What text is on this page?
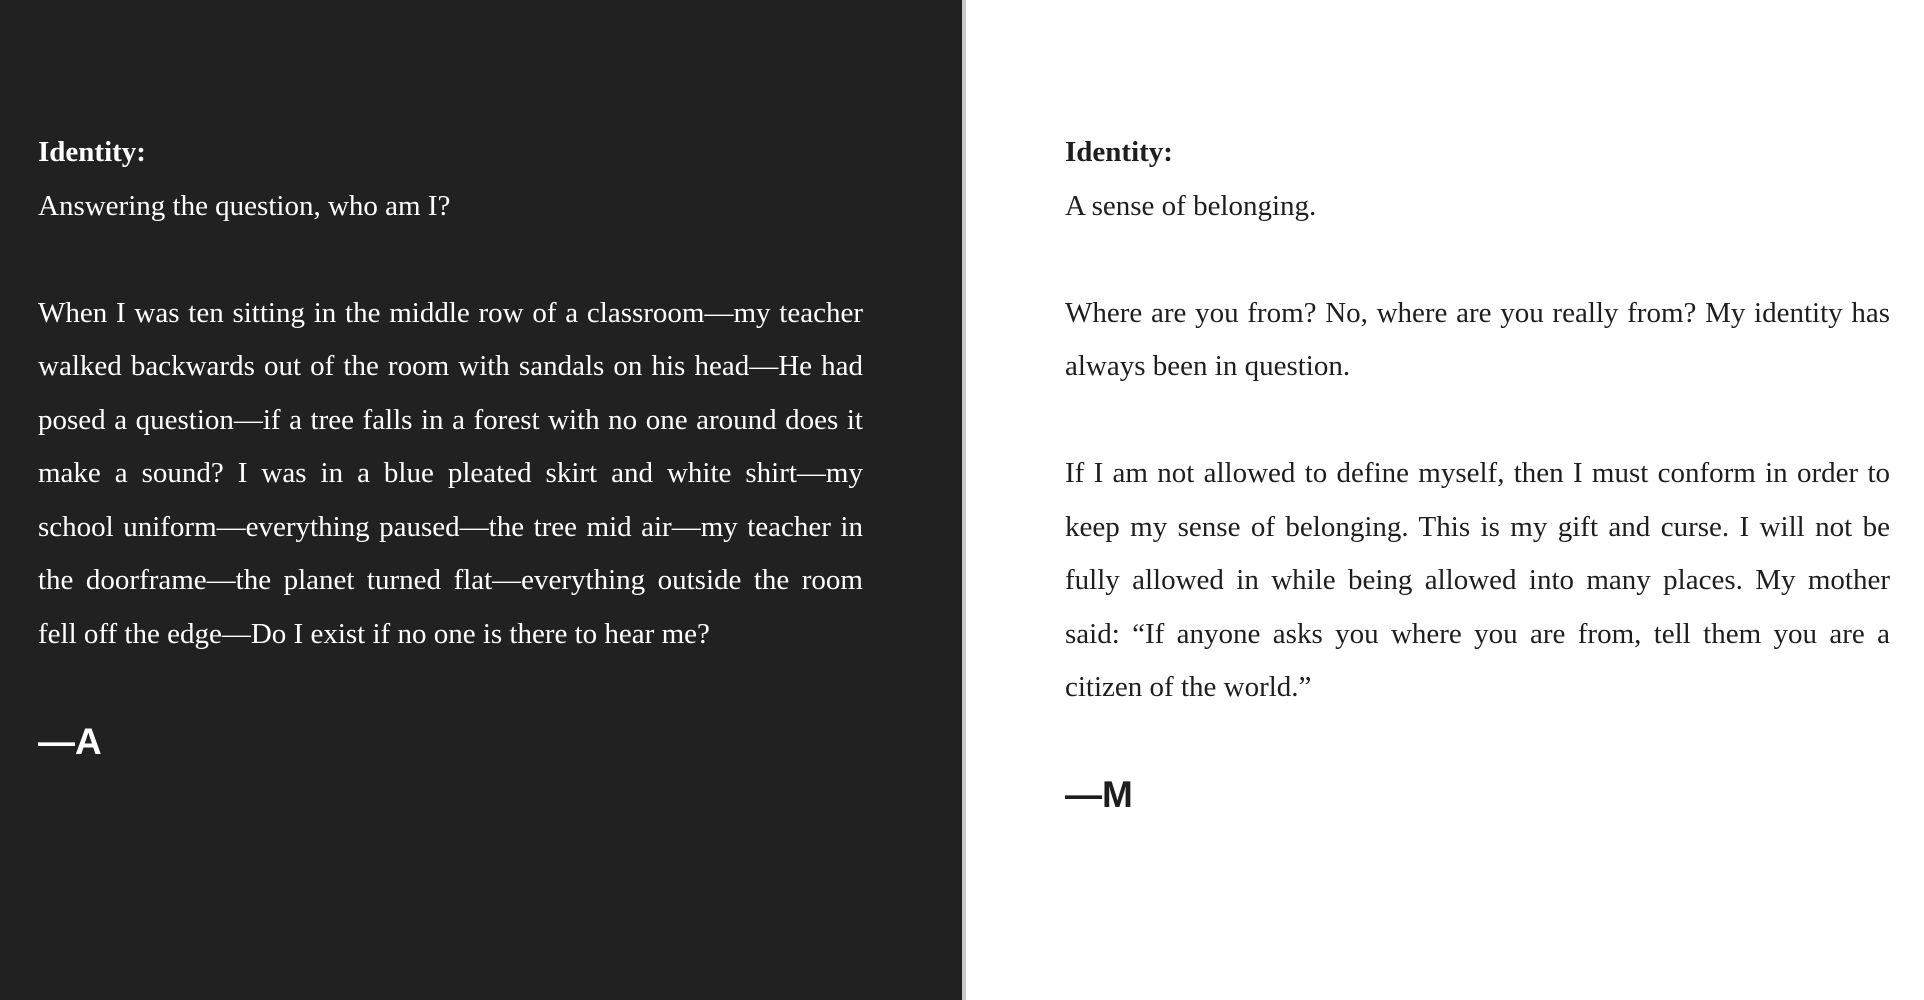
Identity:

Answering the question, who am I?

When I was ten sitting in the middle row of a classroom—my teacher walked backwards out of the room with sandals on his head—He had posed a question—if a tree falls in a forest with no one around does it make a sound? I was in a blue pleated skirt and white shirt—my school uniform—everything paused—the tree mid air—my teacher in the doorframe—the planet turned flat—everything outside the room fell off the edge—Do I exist if no one is there to hear me?

—A

Identity:

A sense of belonging.

Where are you from? No, where are you really from? My identity has always been in question.

If I am not allowed to define myself, then I must conform in order to keep my sense of belonging. This is my gift and curse. I will not be fully allowed in while being allowed into many places. My mother said: “If anyone asks you where you are from, tell them you are a citizen of the world.”

—M
